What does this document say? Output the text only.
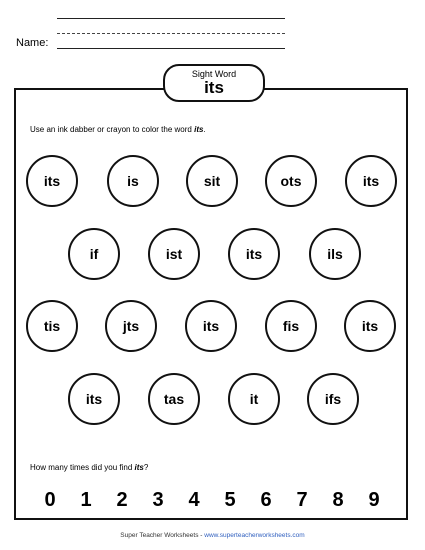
Name:
Sight Word
its
Use an ink dabber or crayon to color the word its.
its	is	sit	ots	its
if	ist	its	ils
tis	jts	its	fis	its
its	tas	it	ifs
How many times did you find its?
0 1 2 3 4 5 6 7 8 9
Super Teacher Worksheets - www.superteacherworksheets.com
